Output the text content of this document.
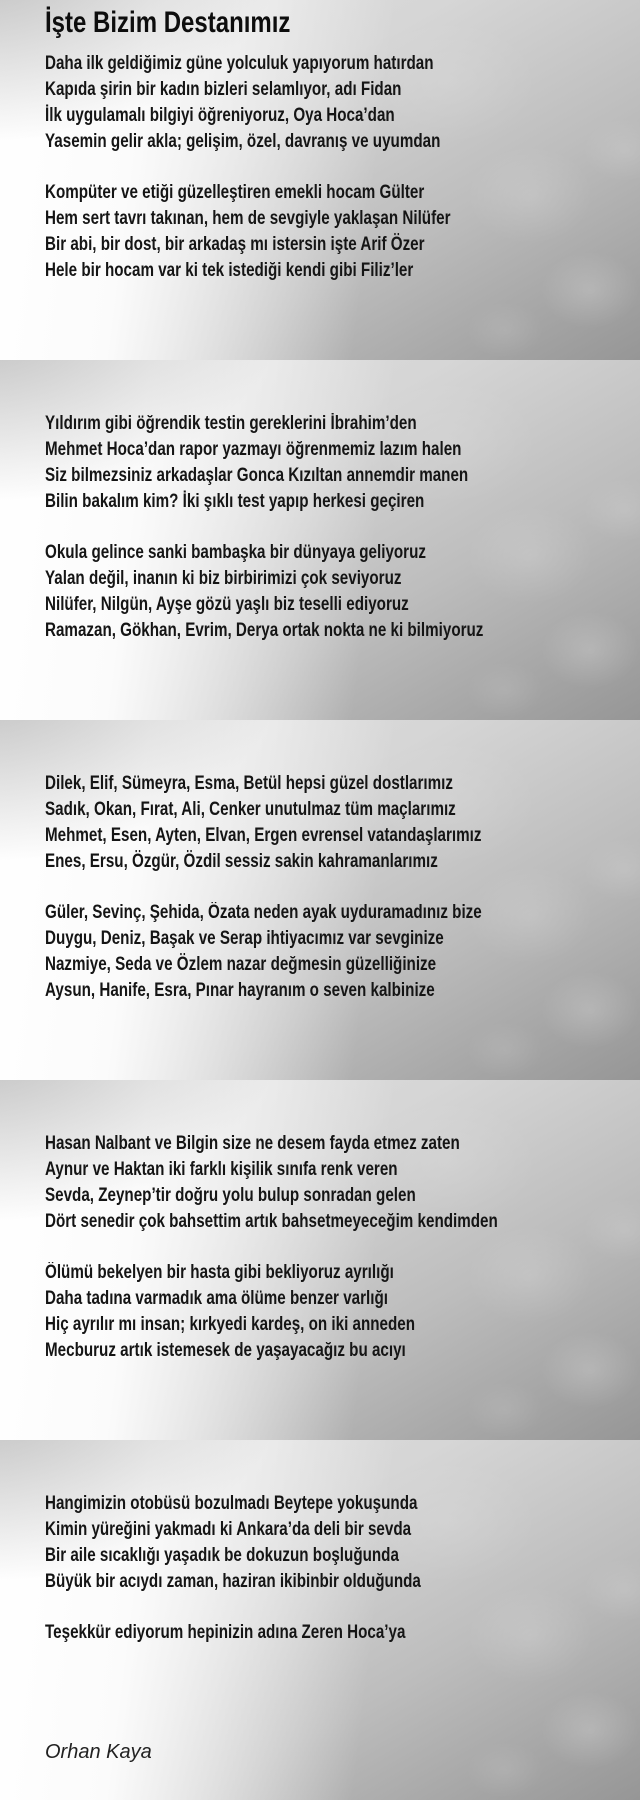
İşte Bizim Destanımız

Daha ilk geldiğimiz güne yolculuk yapıyorum hatırdan

Kapıda şirin bir kadın bizleri selamlıyor, adı Fidan

İlk uygulamalı bilgiyi öğreniyoruz, Oya Hoca’dan

Yasemin gelir akla; gelişim, özel, davranış ve uyumdan

Kompüter ve etiği güzelleştiren emekli hocam Gülter

Hem sert tavrı takınan, hem de sevgiyle yaklaşan Nilüfer

Bir abi, bir dost, bir arkadaş mı istersin işte Arif Özer

Hele bir hocam var ki tek istediği kendi gibi Filiz’ler

Yıldırım gibi öğrendik testin gereklerini İbrahim’den

Mehmet Hoca’dan rapor yazmayı öğrenmemiz lazım halen

Siz bilmezsiniz arkadaşlar Gonca Kızıltan annemdir manen

Bilin bakalım kim? İki şıklı test yapıp herkesi geçiren

Okula gelince sanki bambaşka bir dünyaya geliyoruz

Yalan değil, inanın ki biz birbirimizi çok seviyoruz

Nilüfer, Nilgün, Ayşe gözü yaşlı biz teselli ediyoruz

Ramazan, Gökhan, Evrim, Derya ortak nokta ne ki bilmiyoruz

Dilek, Elif, Sümeyra, Esma, Betül hepsi güzel dostlarımız

Sadık, Okan, Fırat, Ali, Cenker unutulmaz tüm maçlarımız

Mehmet, Esen, Ayten, Elvan, Ergen evrensel vatandaşlarımız

Enes, Ersu, Özgür, Özdil sessiz sakin kahramanlarımız

Güler, Sevinç, Şehida, Özata neden ayak uyduramadınız bize

Duygu, Deniz, Başak ve Serap ihtiyacımız var sevginize

Nazmiye, Seda ve Özlem nazar değmesin güzelliğinize

Aysun, Hanife, Esra, Pınar hayranım o seven kalbinize

Hasan Nalbant ve Bilgin size ne desem fayda etmez zaten

Aynur ve Haktan iki farklı kişilik sınıfa renk veren

Sevda, Zeynep’tir doğru yolu bulup sonradan gelen

Dört senedir çok bahsettim artık bahsetmeyeceğim kendimden

Ölümü bekelyen bir hasta gibi bekliyoruz ayrılığı

Daha tadına varmadık ama ölüme benzer varlığı

Hiç ayrılır mı insan; kırkyedi kardeş, on iki anneden

Mecburuz artık istemesek de yaşayacağız bu acıyı

Hangimizin otobüsü bozulmadı Beytepe yokuşunda

Kimin yüreğini yakmadı ki Ankara’da deli bir sevda

Bir aile sıcaklığı yaşadık be dokuzun boşluğunda

Büyük bir acıydı zaman, haziran ikibinbir olduğunda

Teşekkür ediyorum hepinizin adına Zeren Hoca’ya

Orhan Kaya
